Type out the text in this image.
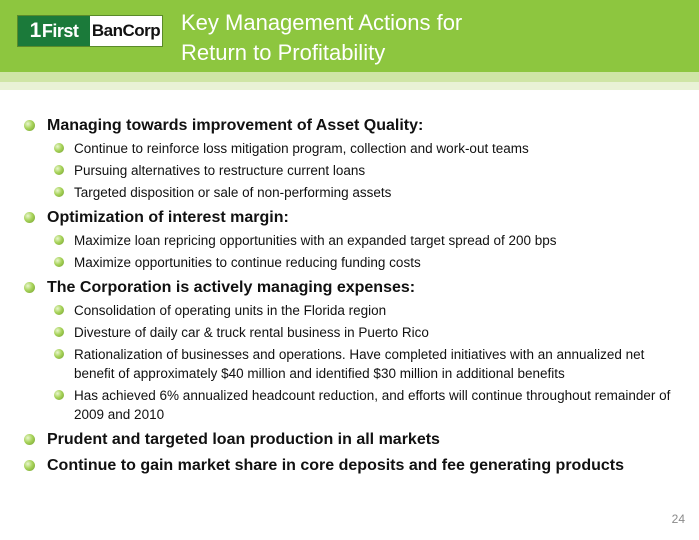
1 First BanCorp Key Management Actions for
Return to Profitability
Managing towards improvement of Asset Quality:
Continue to reinforce loss mitigation program, collection and work-out teams
Pursuing alternatives to restructure current loans
Targeted disposition or sale of non-performing assets
Optimization of interest margin:
Maximize loan repricing opportunities with an expanded target spread of 200 bps
Maximize opportunities to continue reducing funding costs
The Corporation is actively managing expenses:
Consolidation of operating units in the Florida region
Divesture of daily car & truck rental business in Puerto Rico
Rationalization of businesses and operations. Have completed initiatives with an annualized net benefit of approximately $40 million and identified $30 million in additional benefits
Has achieved 6% annualized headcount reduction, and efforts will continue throughout remainder of 2009 and 2010
Prudent and targeted loan production in all markets
Continue to gain market share in core deposits and fee generating products
24
